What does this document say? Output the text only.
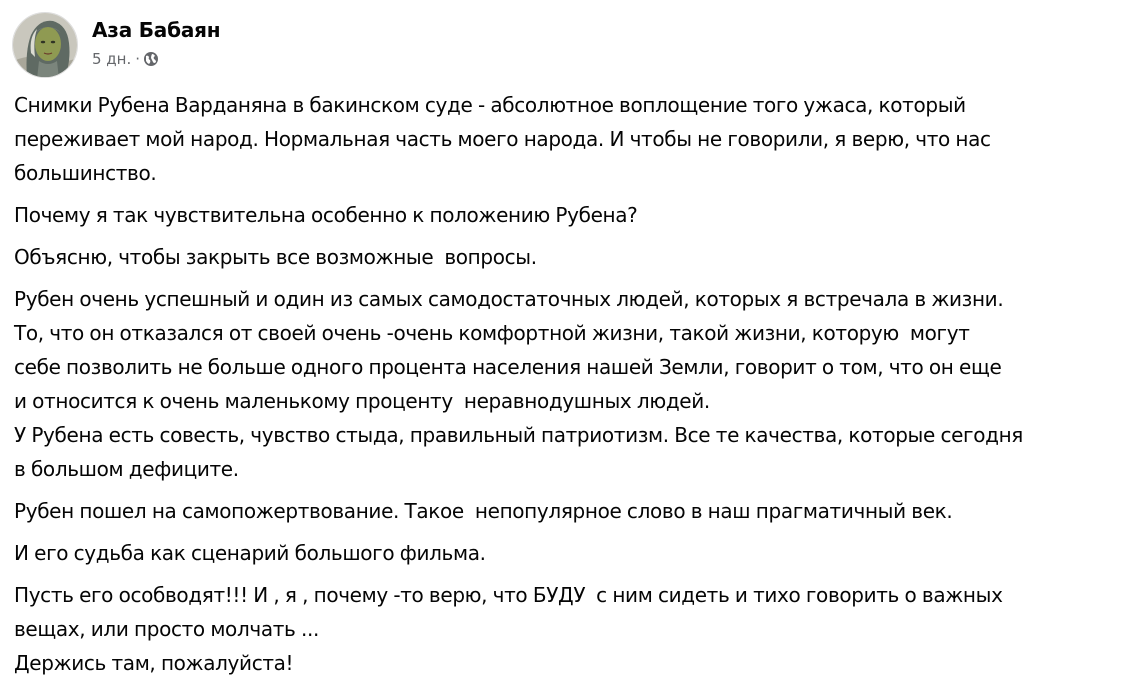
Аза Бабаян
5 дн. ·
Снимки Рубена Варданяна в бакинском суде - абсолютное воплощение того ужаса, который
переживает мой народ. Нормальная часть моего народа. И чтобы не говорили, я верю, что нас
большинство.
Почему я так чувствительна особенно к положению Рубена?
Объясню, чтобы закрыть все возможные  вопросы.
Рубен очень успешный и один из самых самодостаточных людей, которых я встречала в жизни.
То, что он отказался от своей очень -очень комфортной жизни, такой жизни, которую  могут
себе позволить не больше одного процента населения нашей Земли, говорит о том, что он еще
и относится к очень маленькому проценту  неравнодушных людей.
У Рубена есть совесть, чувство стыда, правильный патриотизм. Все те качества, которые сегодня
в большом дефиците.
Рубен пошел на самопожертвование. Такое  непопулярное слово в наш прагматичный век.
И его судьба как сценарий большого фильма.
Пусть его особводят!!! И , я , почему -то верю, что БУДУ  с ним сидеть и тихо говорить о важных
вещах, или просто молчать ...
Держись там, пожалуйста!
